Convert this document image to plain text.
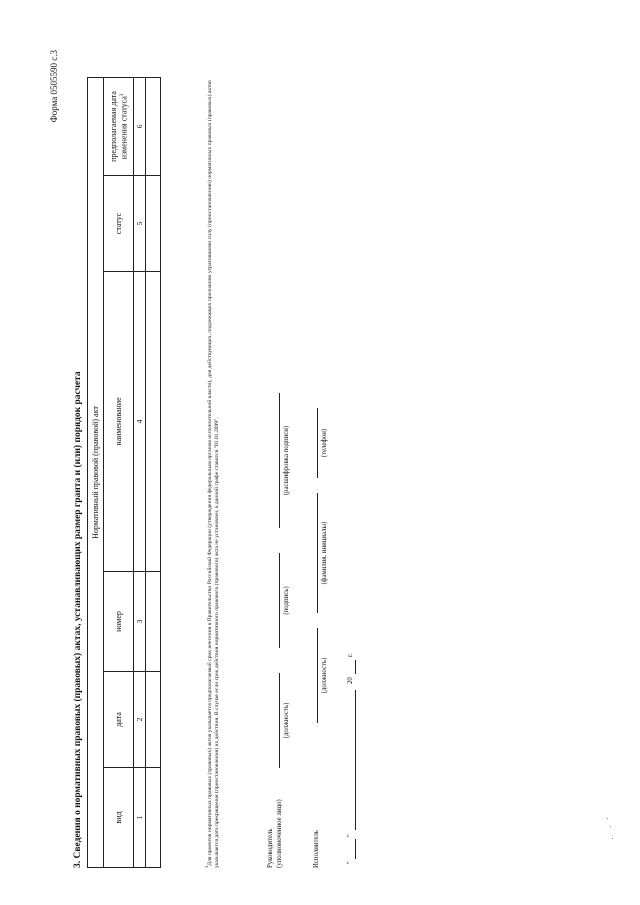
Форма 0505590 с.3
3. Сведения о нормативных правовых (правовых) актах, устанавливающих размер гранта и (или) порядок расчета Нормативный правовой (правовой) акт					
вид	дата	номер	наименование	статус	предполагаемая дата изменения статуса$^3$
1	2	3	4	5	6

$^3$Для проектов нормативных правовых (правовых) актов указывается предполагаемый срок внесения в Правительство Российской Федерации (утверждения федеральным органом исполнительной власти), для действующих, подлежащих признанию утратившими силу (приостановлению) нормативных правовых (правовых) актов указывается дата прекращения (приостановления) их действия. В случае если срок действия нормативного правового (правового) акта не установлен, в данной графе ставится "01.01.2099".	Руководитель (уполномоченное лицо)
(должность)
(подпись)
(расшифровка подписи)
Исполнитель
(должность)
(фамилия, инициалы)
(телефон)
"
"
20
г.
